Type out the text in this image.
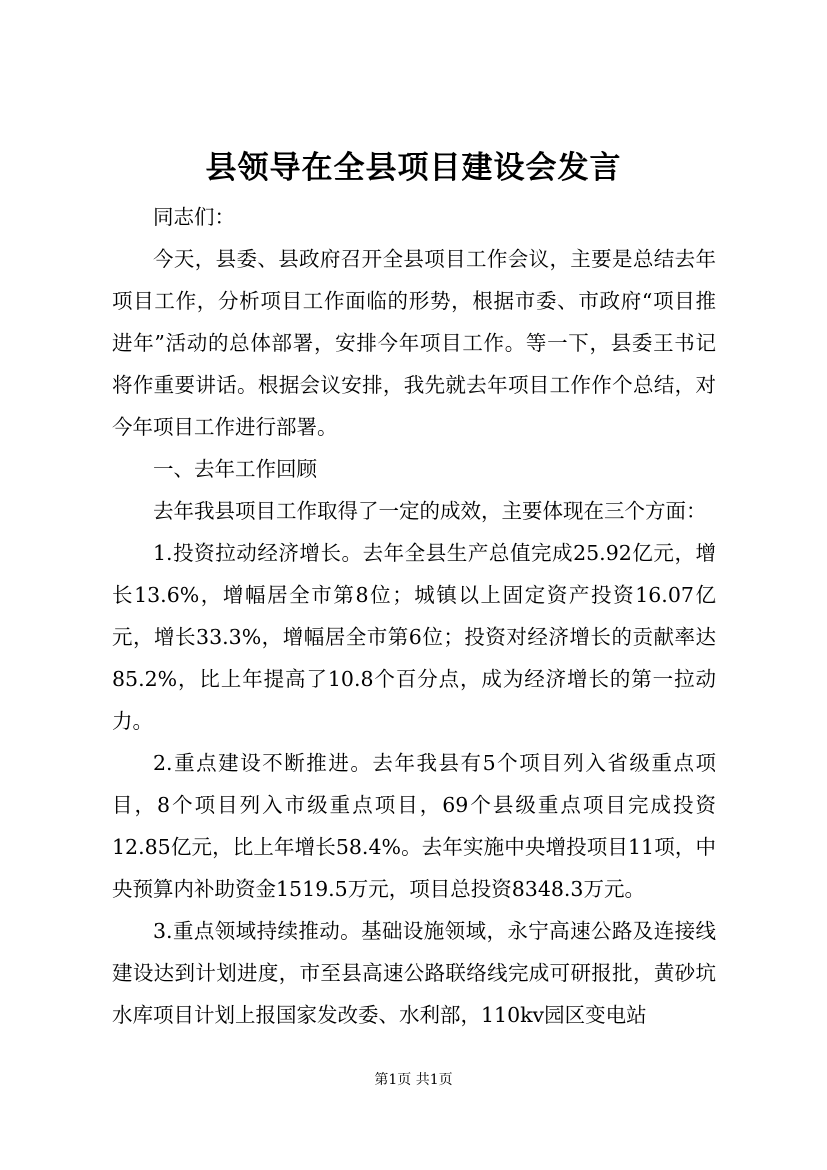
县领导在全县项目建设会发言

同志们：

今天，县委、县政府召开全县项目工作会议，主要是总结去年项目工作，分析项目工作面临的形势，根据市委、市政府“项目推进年”活动的总体部署，安排今年项目工作。等一下，县委王书记将作重要讲话。根据会议安排，我先就去年项目工作作个总结，对今年项目工作进行部署。

一、去年工作回顾

去年我县项目工作取得了一定的成效，主要体现在三个方面：

1.投资拉动经济增长。去年全县生产总值完成25.92亿元，增长13.6%，增幅居全市第8位；城镇以上固定资产投资16.07亿元，增长33.3%，增幅居全市第6位；投资对经济增长的贡献率达85.2%，比上年提高了10.8个百分点，成为经济增长的第一拉动力。

2.重点建设不断推进。去年我县有5个项目列入省级重点项目，8个项目列入市级重点项目，69个县级重点项目完成投资12.85亿元，比上年增长58.4%。去年实施中央增投项目11项，中央预算内补助资金1519.5万元，项目总投资8348.3万元。

3.重点领域持续推动。基础设施领域，永宁高速公路及连接线建设达到计划进度，市至县高速公路联络线完成可研报批，黄砂坑水库项目计划上报国家发改委、水利部，110kv园区变电站

第1页 共1页
